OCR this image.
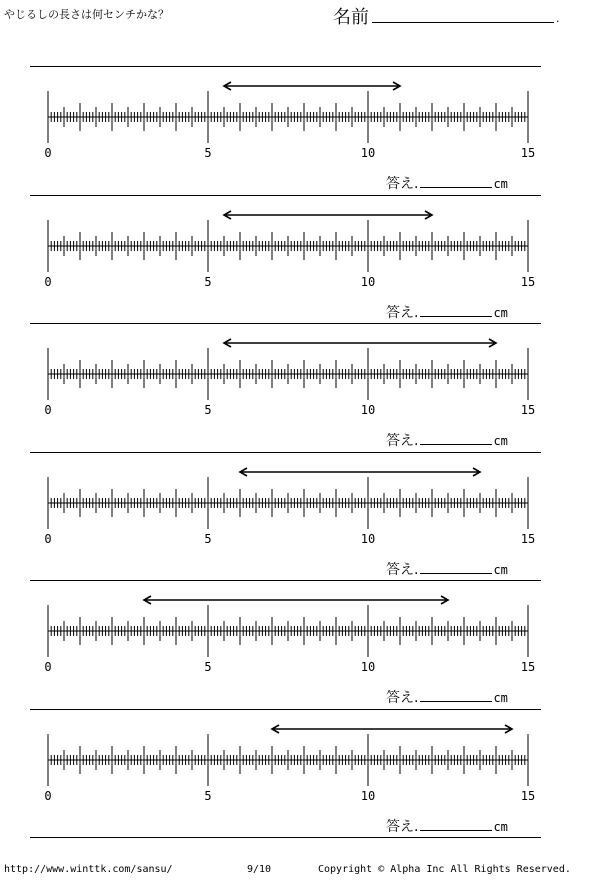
やじるしの長さは何センチかな？	名前	.
0	5	10	15
答え.	cm
0	5	10	15
答え.	cm
0	5	10	15
答え.	cm
0	5	10	15
答え.	cm
0	5	10	15
答え.	cm
0	5	10	15
答え.	cm
http://www.winttk.com/sansu/	9/10	Copyright © Alpha Inc All Rights Reserved.
